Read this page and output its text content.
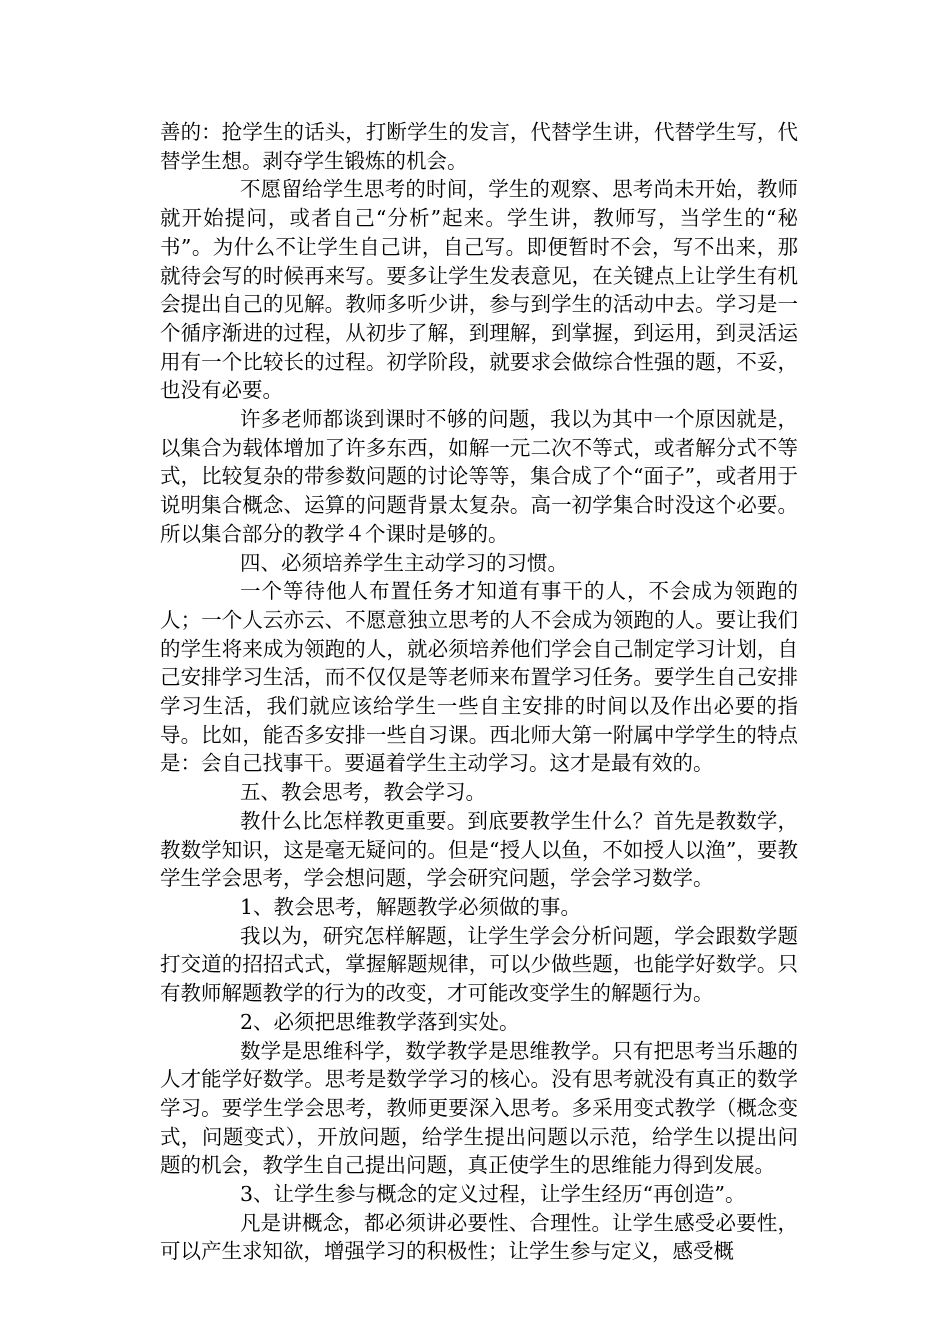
善的：抢学生的话头，打断学生的发言，代替学生讲，代替学生写，代替学生想。剥夺学生锻炼的机会。

不愿留给学生思考的时间，学生的观察、思考尚未开始，教师就开始提问，或者自己“分析”起来。学生讲，教师写，当学生的“秘书”。为什么不让学生自己讲，自己写。即便暂时不会，写不出来，那就待会写的时候再来写。要多让学生发表意见，在关键点上让学生有机会提出自己的见解。教师多听少讲，参与到学生的活动中去。学习是一个循序渐进的过程，从初步了解，到理解，到掌握，到运用，到灵活运用有一个比较长的过程。初学阶段，就要求会做综合性强的题，不妥，也没有必要。

许多老师都谈到课时不够的问题，我以为其中一个原因就是，以集合为载体增加了许多东西，如解一元二次不等式，或者解分式不等式，比较复杂的带参数问题的讨论等等，集合成了个“面子”，或者用于说明集合概念、运算的问题背景太复杂。高一初学集合时没这个必要。所以集合部分的教学４个课时是够的。

四、必须培养学生主动学习的习惯。

一个等待他人布置任务才知道有事干的人，不会成为领跑的人；一个人云亦云、不愿意独立思考的人不会成为领跑的人。要让我们的学生将来成为领跑的人，就必须培养他们学会自己制定学习计划，自己安排学习生活，而不仅仅是等老师来布置学习任务。要学生自己安排学习生活，我们就应该给学生一些自主安排的时间以及作出必要的指导。比如，能否多安排一些自习课。西北师大第一附属中学学生的特点是：会自己找事干。要逼着学生主动学习。这才是最有效的。

五、教会思考，教会学习。

教什么比怎样教更重要。到底要教学生什么？首先是教数学，教数学知识，这是毫无疑问的。但是“授人以鱼，不如授人以渔”，要教学生学会思考，学会想问题，学会研究问题，学会学习数学。

1、教会思考，解题教学必须做的事。

我以为，研究怎样解题，让学生学会分析问题，学会跟数学题打交道的招招式式，掌握解题规律，可以少做些题，也能学好数学。只有教师解题教学的行为的改变，才可能改变学生的解题行为。

2、必须把思维教学落到实处。

数学是思维科学，数学教学是思维教学。只有把思考当乐趣的人才能学好数学。思考是数学学习的核心。没有思考就没有真正的数学学习。要学生学会思考，教师更要深入思考。多采用变式教学（概念变式，问题变式），开放问题，给学生提出问题以示范，给学生以提出问题的机会，教学生自己提出问题，真正使学生的思维能力得到发展。

3、让学生参与概念的定义过程，让学生经历“再创造”。

凡是讲概念，都必须讲必要性、合理性。让学生感受必要性，可以产生求知欲，增强学习的积极性；让学生参与定义，感受概
